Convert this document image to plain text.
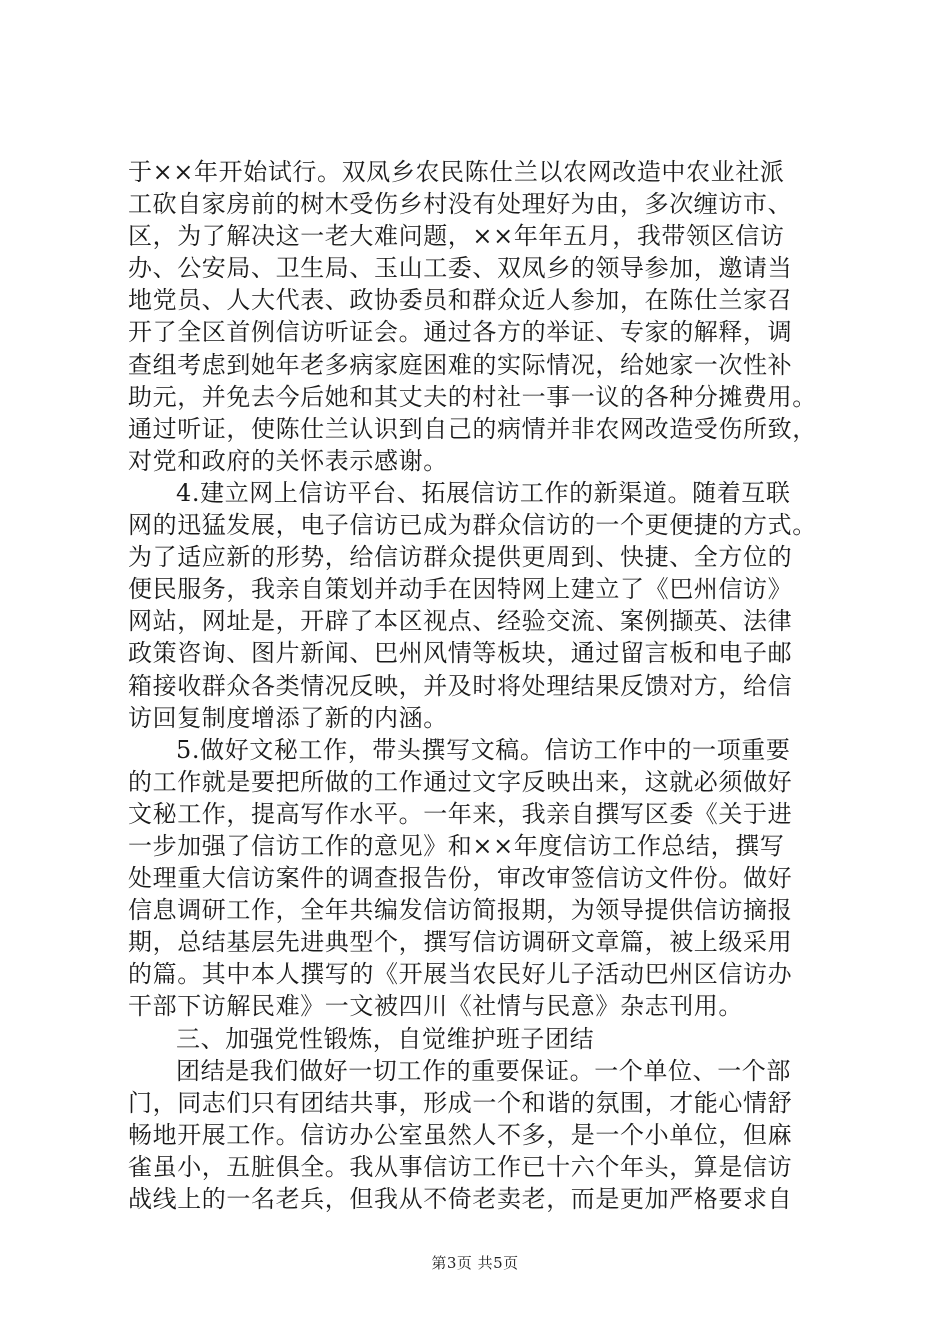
于××年开始试行。双凤乡农民陈仕兰以农网改造中农业社派
工砍自家房前的树木受伤乡村没有处理好为由，多次缠访市、
区，为了解决这一老大难问题，××年年五月，我带领区信访
办、公安局、卫生局、玉山工委、双凤乡的领导参加，邀请当
地党员、人大代表、政协委员和群众近人参加，在陈仕兰家召
开了全区首例信访听证会。通过各方的举证、专家的解释，调
查组考虑到她年老多病家庭困难的实际情况，给她家一次性补
助元，并免去今后她和其丈夫的村社一事一议的各种分摊费用。
通过听证，使陈仕兰认识到自己的病情并非农网改造受伤所致，
对党和政府的关怀表示感谢。
4.建立网上信访平台、拓展信访工作的新渠道。随着互联
网的迅猛发展，电子信访已成为群众信访的一个更便捷的方式。
为了适应新的形势，给信访群众提供更周到、快捷、全方位的
便民服务，我亲自策划并动手在因特网上建立了《巴州信访》
网站，网址是，开辟了本区视点、经验交流、案例撷英、法律
政策咨询、图片新闻、巴州风情等板块，通过留言板和电子邮
箱接收群众各类情况反映，并及时将处理结果反馈对方，给信
访回复制度增添了新的内涵。
5.做好文秘工作，带头撰写文稿。信访工作中的一项重要
的工作就是要把所做的工作通过文字反映出来，这就必须做好
文秘工作，提高写作水平。一年来，我亲自撰写区委《关于进
一步加强了信访工作的意见》和××年度信访工作总结，撰写
处理重大信访案件的调查报告份，审改审签信访文件份。做好
信息调研工作，全年共编发信访简报期，为领导提供信访摘报
期，总结基层先进典型个，撰写信访调研文章篇，被上级采用
的篇。其中本人撰写的《开展当农民好儿子活动巴州区信访办
干部下访解民难》一文被四川《社情与民意》杂志刊用。
三、加强党性锻炼，自觉维护班子团结
团结是我们做好一切工作的重要保证。一个单位、一个部
门，同志们只有团结共事，形成一个和谐的氛围，才能心情舒
畅地开展工作。信访办公室虽然人不多，是一个小单位，但麻
雀虽小，五脏俱全。我从事信访工作已十六个年头，算是信访
战线上的一名老兵，但我从不倚老卖老，而是更加严格要求自
第3页 共5页
